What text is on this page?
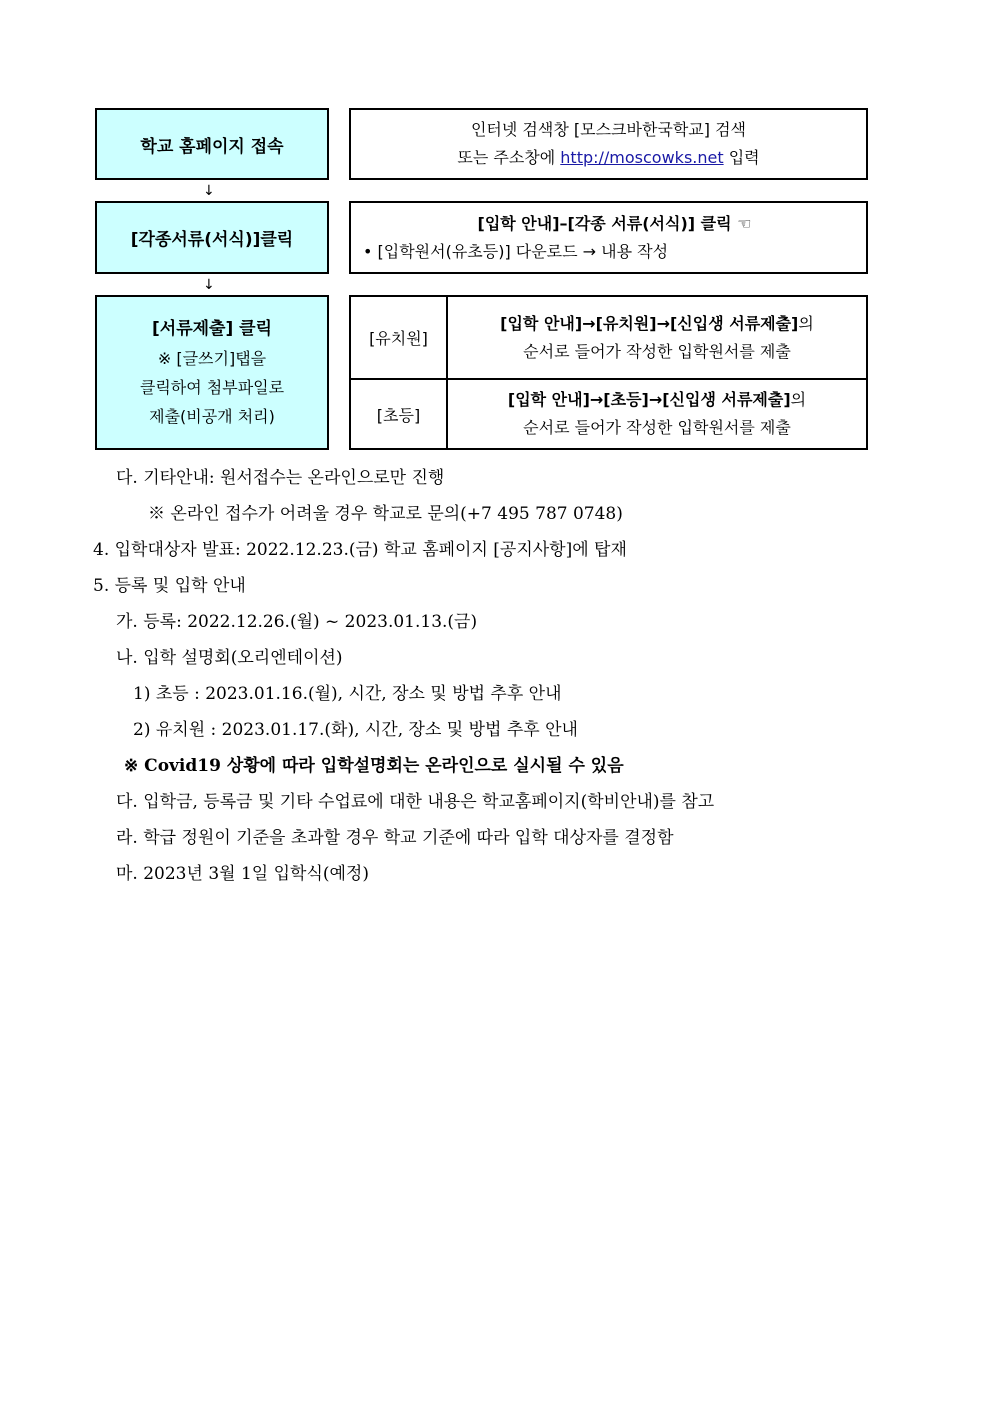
학교 홈페이지 접속
인터넷 검색창 [모스크바한국학교] 검색
또는 주소창에 http://moscowks.net 입력
↓
[각종서류(서식)]클릭
[입학 안내]–[각종 서류(서식)] 클릭 ☜
• [입학원서(유초등)] 다운로드 → 내용 작성
↓
[서류제출] 클릭
※ [글쓰기]탭을
클릭하여 첨부파일로
제출(비공개 처리)
[유치원]
[입학 안내]→[유치원]→[신입생 서류제출]의
순서로 들어가 작성한 입학원서를 제출
[초등]
[입학 안내]→[초등]→[신입생 서류제출]의
순서로 들어가 작성한 입학원서를 제출
다. 기타안내: 원서접수는 온라인으로만 진행
※ 온라인 접수가 어려울 경우 학교로 문의(+7 495 787 0748)
4. 입학대상자 발표: 2022.12.23.(금) 학교 홈페이지 [공지사항]에 탑재
5. 등록 및 입학 안내
가. 등록: 2022.12.26.(월) ~ 2023.01.13.(금)
나. 입학 설명회(오리엔테이션)
1) 초등 : 2023.01.16.(월), 시간, 장소 및 방법 추후 안내
2) 유치원 : 2023.01.17.(화), 시간, 장소 및 방법 추후 안내
※ Covid19 상황에 따라 입학설명회는 온라인으로 실시될 수 있음
다. 입학금, 등록금 및 기타 수업료에 대한 내용은 학교홈페이지(학비안내)를 참고
라. 학급 정원이 기준을 초과할 경우 학교 기준에 따라 입학 대상자를 결정함
마. 2023년 3월 1일 입학식(예정)
